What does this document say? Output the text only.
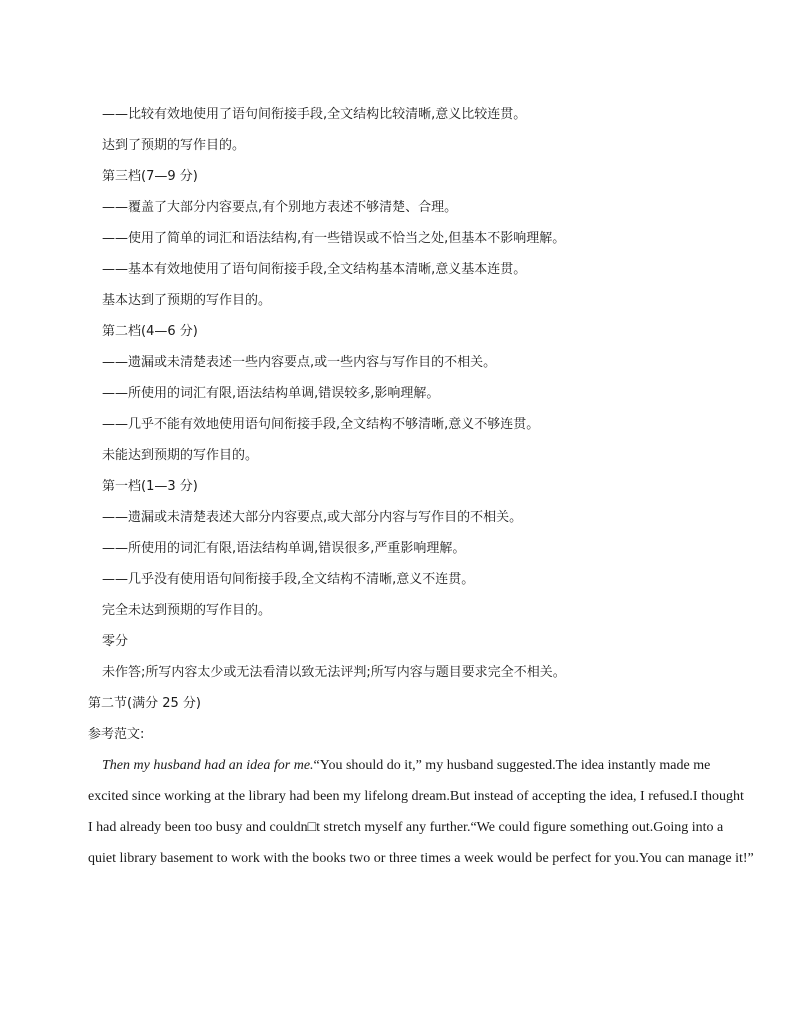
——比较有效地使用了语句间衔接手段,全文结构比较清晰,意义比较连贯。
达到了预期的写作目的。
第三档(7—9 分)
——覆盖了大部分内容要点,有个别地方表述不够清楚、合理。
——使用了简单的词汇和语法结构,有一些错误或不恰当之处,但基本不影响理解。
——基本有效地使用了语句间衔接手段,全文结构基本清晰,意义基本连贯。
基本达到了预期的写作目的。
第二档(4—6 分)
——遗漏或未清楚表述一些内容要点,或一些内容与写作目的不相关。
——所使用的词汇有限,语法结构单调,错误较多,影响理解。
——几乎不能有效地使用语句间衔接手段,全文结构不够清晰,意义不够连贯。
未能达到预期的写作目的。
第一档(1—3 分)
——遗漏或未清楚表述大部分内容要点,或大部分内容与写作目的不相关。
——所使用的词汇有限,语法结构单调,错误很多,严重影响理解。
——几乎没有使用语句间衔接手段,全文结构不清晰,意义不连贯。
完全未达到预期的写作目的。
零分
未作答;所写内容太少或无法看清以致无法评判;所写内容与题目要求完全不相关。
第二节(满分 25 分)
参考范文:
Then my husband had an idea for me.“You should do it,” my husband suggested.The idea instantly made me
excited since working at the library had been my lifelong dream.But instead of accepting the idea, I refused.I thought
I had already been too busy and couldn□t stretch myself any further.“We could figure something out.Going into a
quiet library basement to work with the books two or three times a week would be perfect for you.You can manage it!”
